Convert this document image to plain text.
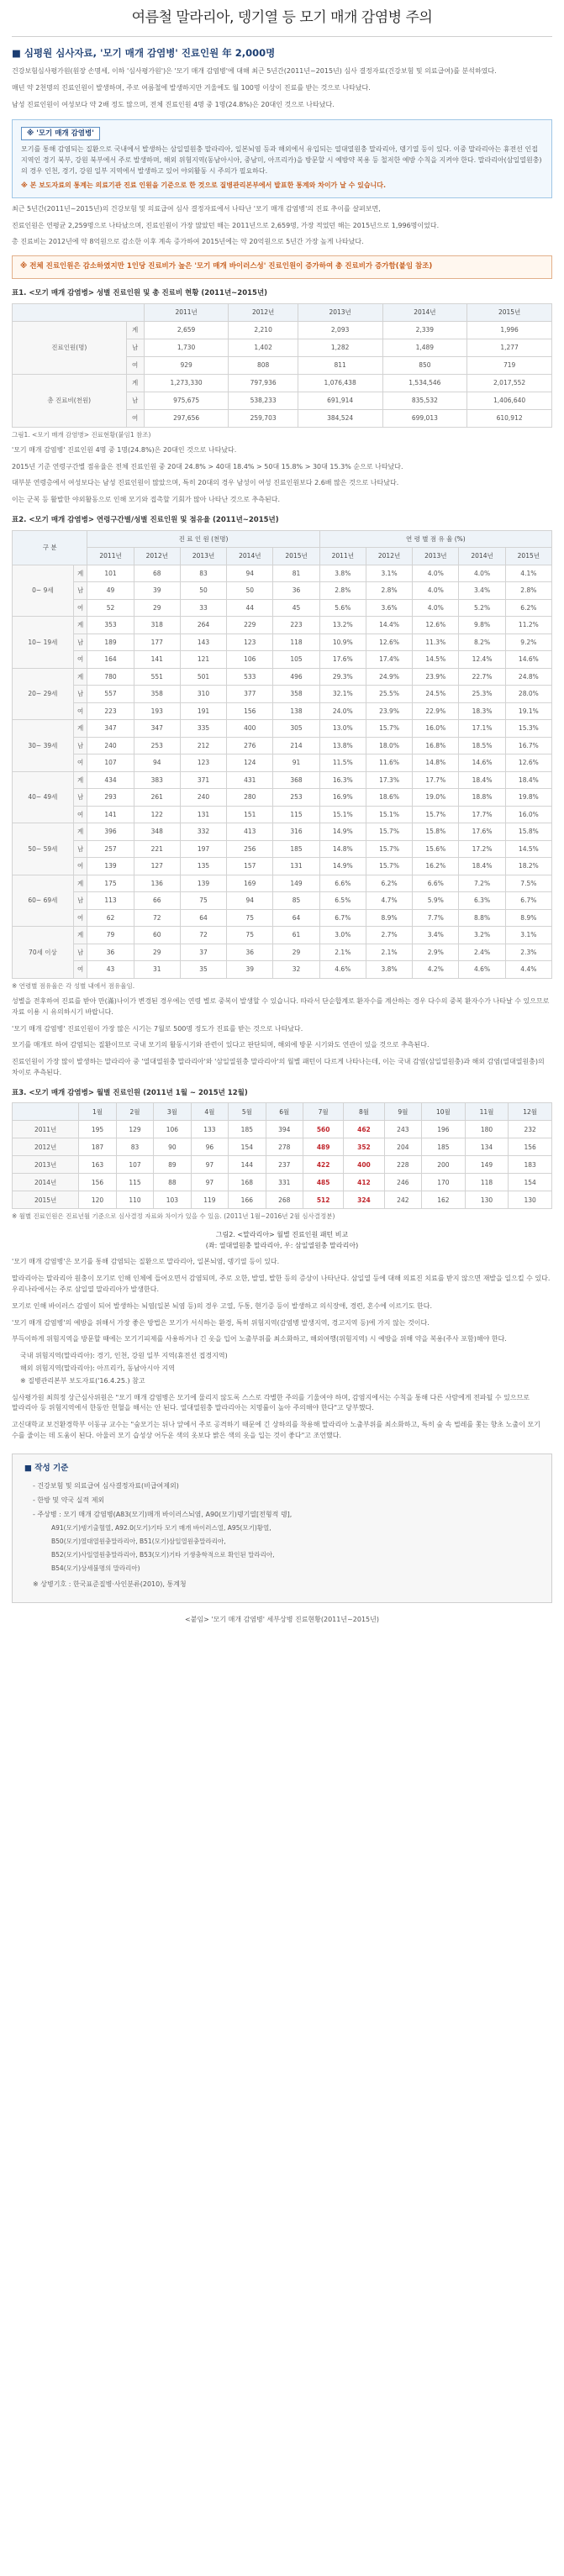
여름철 말라리아, 뎅기열 등 모기 매개 감염병 주의
■ 심평원 심사자료, '모기 매개 감염병' 진료인원 年 2,000명

건강보험심사평가원(원장 손명세, 이하 '심사평가원')은 '모기 매개 감염병'에 대해 최근 5년간(2011년~2015년) 심사 결정자료(건강보험 및 의료급여)를 분석하였다.

매년 약 2천명의 진료인원이 발생하며, 주로 여름철에 발생하지만 겨울에도 월 100명 이상이 진료를 받는 것으로 나타났다.

남성 진료인원이 여성보다 약 2배 정도 많으며, 전체 진료인원 4명 중 1명(24.8%)은 20대인 것으로 나타났다.

※ '모기 매개 감염병'
모기를 통해 감염되는 질환으로 국내에서 발생하는 삼일열원충 말라리아, 일본뇌염 등과 해외에서 유입되는 열대열원충 말라리아, 뎅기열 등이 있다. 이중 말라리아는 휴전선 인접지역인 경기 북부, 강원 북부에서 주로 발생하며, 해외 위험지역(동남아시아, 중남미, 아프리카)을 방문할 시 예방약 복용 등 철저한 예방 수칙을 지켜야 한다. 말라리아(삼일열원충)의 경우 인천, 경기, 강원 일부 지역에서 발생하고 있어 야외활동 시 주의가 필요하다.
※ 본 보도자료의 통계는 의료기관 진료 인원을 기준으로 한 것으로 질병관리본부에서 발표한 통계와 차이가 날 수 있습니다.

최근 5년간(2011년~2015년)의 건강보험 및 의료급여 심사 결정자료에서 나타난 '모기 매개 감염병'의 진료 추이를 살펴보면,

진료인원은 연평균 2,259명으로 나타났으며, 진료인원이 가장 많았던 해는 2011년으로 2,659명, 가장 적었던 해는 2015년으로 1,996명이었다.

총 진료비는 2012년에 약 8억원으로 감소한 이후 계속 증가하여 2015년에는 약 20억원으로 5년간 가장 높게 나타났다.

※ 전체 진료인원은 감소하였지만 1인당 진료비가 높은 '모기 매개 바이러스성' 진료인원이 증가하여 총 진료비가 증가함(붙임 참조)
표1. <모기 매개 감염병> 성별 진료인원 및 총 진료비 현황 (2011년~2015년)
		2011년	2012년	2013년	2014년	2015년
진료인원(명)	계	2,659	2,210	2,093	2,339	1,996
	남	1,730	1,402	1,282	1,489	1,277
	여	929	808	811	850	719
총 진료비(천원)	계	1,273,330	797,936	1,076,438	1,534,546	2,017,552
	남	975,675	538,233	691,914	835,532	1,406,640
	여	297,656	259,703	384,524	699,013	610,912
그림1. <모기 매개 감염병> 진료현황(붙임1 참조)

'모기 매개 감염병' 진료인원 4명 중 1명(24.8%)은 20대인 것으로 나타났다.

2015년 기준 연령구간별 점유율은 전체 진료인원 중 20대 24.8% > 40대 18.4% > 50대 15.8% > 30대 15.3% 순으로 나타났다.

대부분 연령층에서 여성보다는 남성 진료인원이 많았으며, 특히 20대의 경우 남성이 여성 진료인원보다 2.6배 많은 것으로 나타났다.

이는 군복 등 활발한 야외활동으로 인해 모기와 접촉할 기회가 많아 나타난 것으로 추측된다.

표2. <모기 매개 감염병> 연령구간별/성별 진료인원 및 점유율 (2011년~2015년)
구 분		진 료 인 원 (천명)					연 령 별 점 유 율 (%)				
		2011년	2012년	2013년	2014년	2015년	2011년	2012년	2013년	2014년	2015년
0~ 9세	계	101	68	83	94	81	3.8%	3.1%	4.0%	4.0%	4.1%
	남	49	39	50	50	36	2.8%	2.8%	4.0%	3.4%	2.8%
	여	52	29	33	44	45	5.6%	3.6%	4.0%	5.2%	6.2%
10~ 19세	계	353	318	264	229	223	13.2%	14.4%	12.6%	9.8%	11.2%
	남	189	177	143	123	118	10.9%	12.6%	11.3%	8.2%	9.2%
	여	164	141	121	106	105	17.6%	17.4%	14.5%	12.4%	14.6%
20~ 29세	계	780	551	501	533	496	29.3%	24.9%	23.9%	22.7%	24.8%
	남	557	358	310	377	358	32.1%	25.5%	24.5%	25.3%	28.0%
	여	223	193	191	156	138	24.0%	23.9%	22.9%	18.3%	19.1%
30~ 39세	계	347	347	335	400	305	13.0%	15.7%	16.0%	17.1%	15.3%
	남	240	253	212	276	214	13.8%	18.0%	16.8%	18.5%	16.7%
	여	107	94	123	124	91	11.5%	11.6%	14.8%	14.6%	12.6%
40~ 49세	계	434	383	371	431	368	16.3%	17.3%	17.7%	18.4%	18.4%
	남	293	261	240	280	253	16.9%	18.6%	19.0%	18.8%	19.8%
	여	141	122	131	151	115	15.1%	15.1%	15.7%	17.7%	16.0%
50~ 59세	계	396	348	332	413	316	14.9%	15.7%	15.8%	17.6%	15.8%
	남	257	221	197	256	185	14.8%	15.7%	15.6%	17.2%	14.5%
	여	139	127	135	157	131	14.9%	15.7%	16.2%	18.4%	18.2%
60~ 69세	계	175	136	139	169	149	6.6%	6.2%	6.6%	7.2%	7.5%
	남	113	66	75	94	85	6.5%	4.7%	5.9%	6.3%	6.7%
	여	62	72	64	75	64	6.7%	8.9%	7.7%	8.8%	8.9%
70세 이상	계	79	60	72	75	61	3.0%	2.7%	3.4%	3.2%	3.1%
	남	36	29	37	36	29	2.1%	2.1%	2.9%	2.4%	2.3%
	여	43	31	35	39	32	4.6%	3.8%	4.2%	4.6%	4.4%
※ 연령별 점유율은 각 성별 내에서 점유율임.

성별을 전후하여 진료를 받아 만(滿)나이가 변경된 경우에는 연령 별로 중복이 발생할 수 있습니다. 따라서 단순합계로 환자수를 계산하는 경우 다수의 중복 환자수가 나타날 수 있으므로 자료 이용 시 유의하시기 바랍니다.

'모기 매개 감염병' 진료인원이 가장 많은 시기는 7월로 500명 정도가 진료를 받는 것으로 나타났다.

모기를 매개로 하여 감염되는 질환이므로 국내 모기의 활동시기와 관련이 있다고 판단되며, 해외에 방문 시기와도 연관이 있을 것으로 추측된다.

진료인원이 가장 많이 발생하는 말라리아 중 '열대열원충 말라리아'와 '삼일열원충 말라리아'의 월별 패턴이 다르게 나타나는데, 이는 국내 감염(삼일열원충)과 해외 감염(열대열원충)의 차이로 추측된다.

표3. <모기 매개 감염병> 월별 진료인원 (2011년 1월 ~ 2015년 12월)
	1월	2월	3월	4월	5월	6월	7월	8월	9월	10월	11월	12월
2011년	195	129	106	133	185	394	560	462	243	196	180	232
2012년	187	83	90	96	154	278	489	352	204	185	134	156
2013년	163	107	89	97	144	237	422	400	228	200	149	183
2014년	156	115	88	97	168	331	485	412	246	170	118	154
2015년	120	110	103	119	166	268	512	324	242	162	130	130
※ 월별 진료인원은 진료년월 기준으로 심사결정 자료와 차이가 있을 수 있음. (2011년 1월~2016년 2월 심사결정분)
그림2. <말라리아> 월별 진료인원 패턴 비교
(좌: 열대열원충 말라리아, 우: 삼일열원충 말라리아)

'모기 매개 감염병'은 모기를 통해 감염되는 질환으로 말라리아, 일본뇌염, 뎅기열 등이 있다.

말라리아는 말라리아 원충이 모기로 인해 인체에 들어오면서 감염되며, 주로 오한, 발열, 발한 등의 증상이 나타난다. 삼일열 등에 대해 의료진 치료를 받지 않으면 재발을 일으킬 수 있다. 우리나라에서는 주로 삼일열 말라리아가 발생한다.

모기로 인해 바이러스 감염이 되어 발생하는 뇌염(일본 뇌염 등)의 경우 고열, 두통, 현기증 등이 발생하고 의식장애, 경련, 혼수에 이르기도 한다.

'모기 매개 감염병'의 예방을 위해서 가장 좋은 방법은 모기가 서식하는 환경, 특히 위험지역(감염병 발생지역, 경고지역 등)에 가지 않는 것이다.

부득이하게 위험지역을 방문할 때에는 모기기피제를 사용하거나 긴 옷을 입어 노출부위를 최소화하고, 해외여행(위험지역) 시 예방을 위해 약을 복용(주사 포함)해야 한다.

국내 위험지역(말라리아): 경기, 인천, 강원 일부 지역(휴전선 접경지역)

해외 위험지역(말라리아): 아프리카, 동남아시아 지역

※ 질병관리본부 보도자료('16.4.25.) 참고

심사평가원 최희정 상근심사위원은 "모기 매개 감염병은 모기에 물리지 않도록 스스로 각별한 주의를 기울여야 하며, 감염지에서는 수칙을 통해 다른 사람에게 전파될 수 있으므로 말라리아 등 위험지역에서 한동안 헌혈을 해서는 안 된다. 열대열원충 말라리아는 치명률이 높아 주의해야 한다"고 당부했다.

고신대학교 보건환경학부 이동규 교수는 "숲모기는 뒤나 앞에서 주로 공격하기 때문에 긴 상하의를 착용해 말라리아 노출부위를 최소화하고, 특히 숲 속 벌레를 쫓는 향초 노출이 모기 수를 줄이는 데 도움이 된다. 아울러 모기 습성상 어두운 색의 옷보다 밝은 색의 옷을 입는 것이 좋다"고 조언했다.

■ 작성 기준
- 건강보험 및 의료급여 심사결정자료(비급여제외)
- 한방 및 약국 실적 제외
- 주상병 : 모기 매개 감염병(A83(모기)매개 바이러스뇌염, A90(모기)뎅기열[전형적 뎅],
A91(모기)뎅기출혈열, A92.0(모기)기타 모기 매개 바이러스열, A95(모기)황열,
B50(모기)열대열원충말라리아, B51(모기)삼일열원충말라리아,
B52(모기)사일열원충말라리아, B53(모기)기타 기생충학적으로 확인된 말라리아,
B54(모기)상세불명의 말라리아)
※ 상병기호 : 한국표준질병·사인분류(2010), 통계청
<붙임> '모기 매개 감염병' 세부상병 진료현황(2011년~2015년)
